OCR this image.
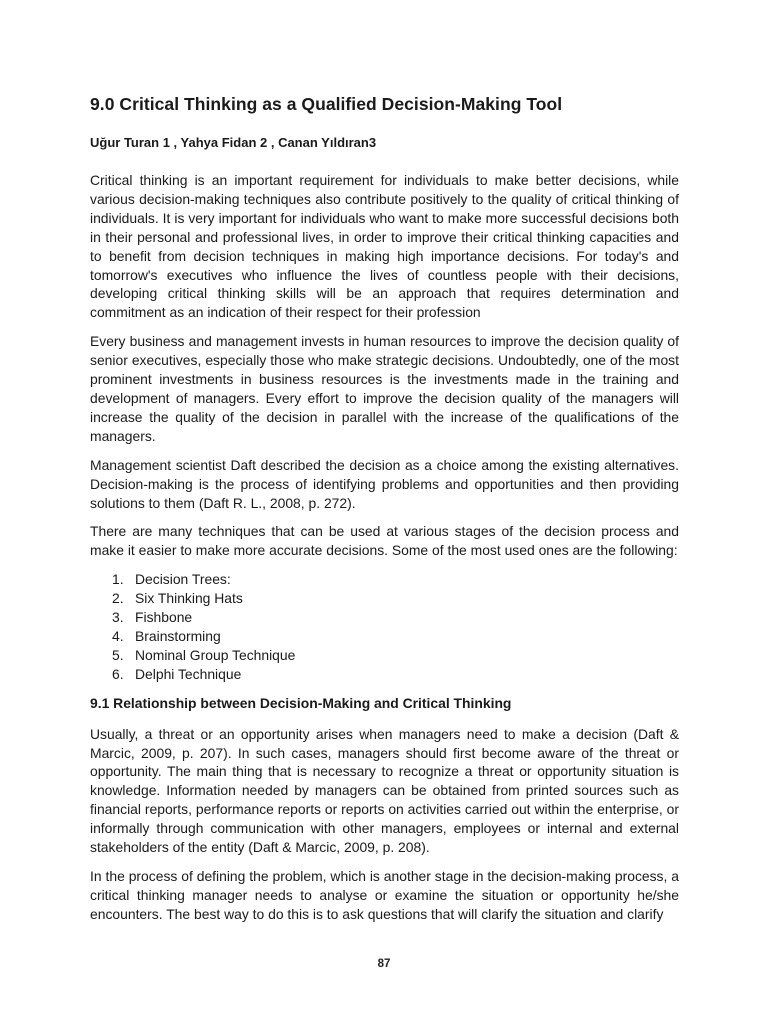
9.0 Critical Thinking as a Qualified Decision-Making Tool
Uğur Turan 1 , Yahya Fidan 2 , Canan Yıldıran3

Critical thinking is an important requirement for individuals to make better decisions, while various decision-making techniques also contribute positively to the quality of critical thinking of individuals. It is very important for individuals who want to make more successful decisions both in their personal and professional lives, in order to improve their critical thinking capacities and to benefit from decision techniques in making high importance decisions. For today's and tomorrow's executives who influence the lives of countless people with their decisions, developing critical thinking skills will be an approach that requires determination and commitment as an indication of their respect for their profession

Every business and management invests in human resources to improve the decision quality of senior executives, especially those who make strategic decisions. Undoubtedly, one of the most prominent investments in business resources is the investments made in the training and development of managers. Every effort to improve the decision quality of the managers will increase the quality of the decision in parallel with the increase of the qualifications of the managers.

Management scientist Daft described the decision as a choice among the existing alternatives. Decision-making is the process of identifying problems and opportunities and then providing solutions to them (Daft R. L., 2008, p. 272).

There are many techniques that can be used at various stages of the decision process and make it easier to make more accurate decisions. Some of the most used ones are the following:

1. Decision Trees:
2. Six Thinking Hats
3. Fishbone
4. Brainstorming
5. Nominal Group Technique
6. Delphi Technique
9.1 Relationship between Decision-Making and Critical Thinking

Usually, a threat or an opportunity arises when managers need to make a decision (Daft & Marcic, 2009, p. 207). In such cases, managers should first become aware of the threat or opportunity. The main thing that is necessary to recognize a threat or opportunity situation is knowledge. Information needed by managers can be obtained from printed sources such as financial reports, performance reports or reports on activities carried out within the enterprise, or informally through communication with other managers, employees or internal and external stakeholders of the entity (Daft & Marcic, 2009, p. 208).

In the process of defining the problem, which is another stage in the decision-making process, a critical thinking manager needs to analyse or examine the situation or opportunity he/she encounters. The best way to do this is to ask questions that will clarify the situation and clarify

87
